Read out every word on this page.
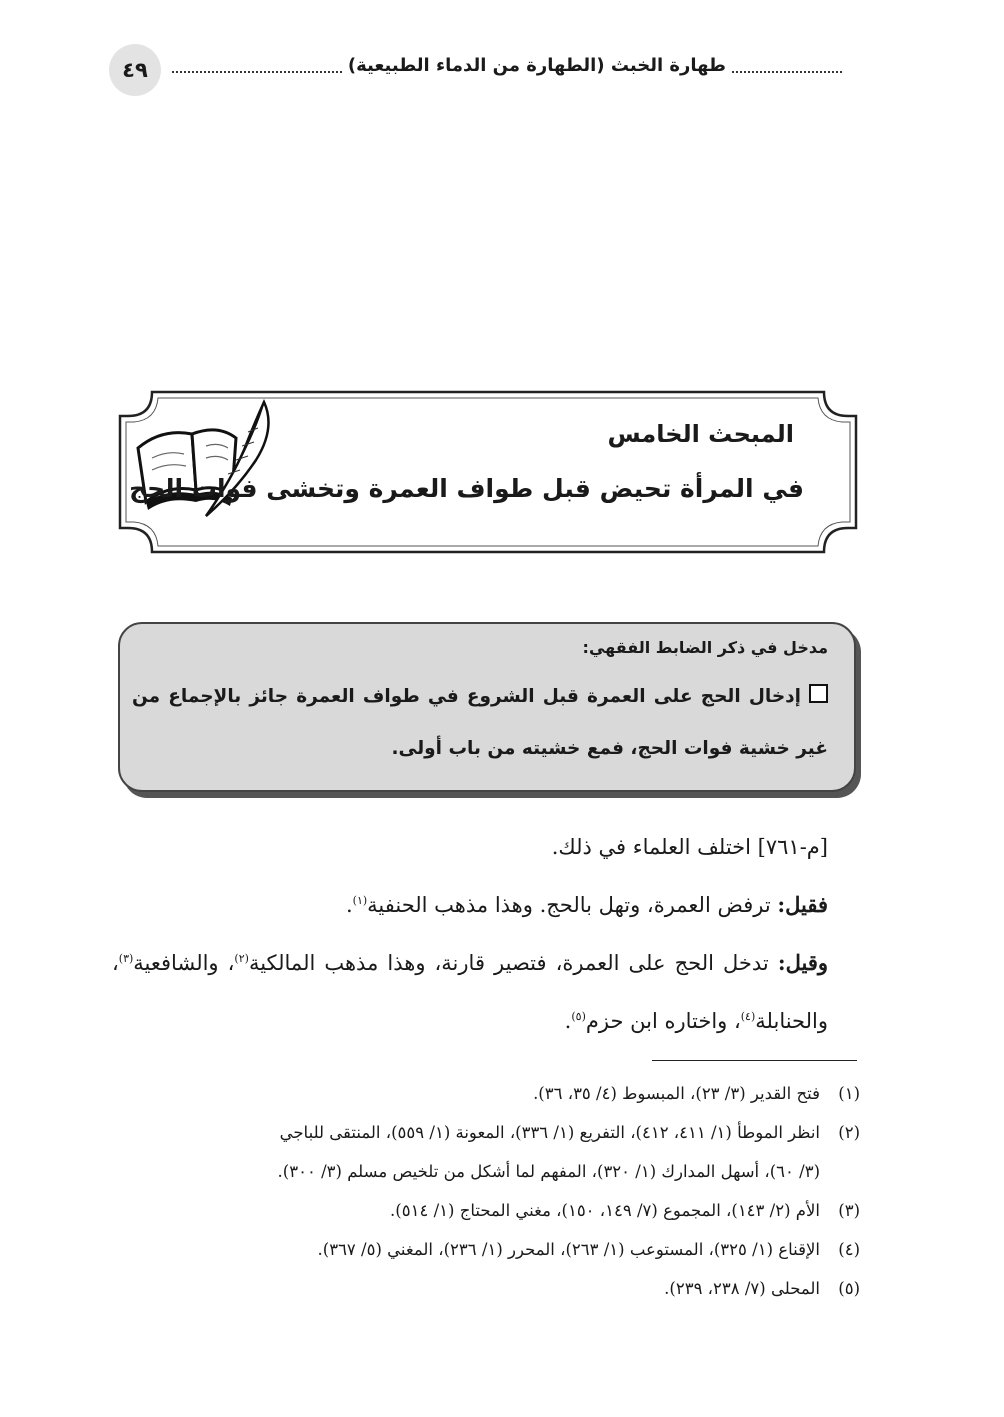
٤٩	طهارة الخبث (الطهارة من الدماء الطبيعية)
المبحث الخامس
في المرأة تحيض قبل طواف العمرة وتخشى فوات الحج

مدخل في ذكر الضابط الفقهي:

إدخال الحج على العمرة قبل الشروع في طواف العمرة جائز بالإجماع من غير خشية فوات الحج، فمع خشيته من باب أولى.

[م-٧٦١] اختلف العلماء في ذلك.

فقيل: ترفض العمرة، وتهل بالحج. وهذا مذهب الحنفية$^{(١)}$.

وقيل: تدخل الحج على العمرة، فتصير قارنة، وهذا مذهب المالكية$^{(٢)}$، والشافعية$^{(٣)}$، والحنابلة$^{(٤)}$، واختاره ابن حزم$^{(٥)}$.

(١)فتح القدير (٣/ ٢٣)، المبسوط (٤/ ٣٥، ٣٦).

(٢)انظر الموطأ (١/ ٤١١، ٤١٢)، التفريع (١/ ٣٣٦)، المعونة (١/ ٥٥٩)، المنتقى للباجي

(٣/ ٦٠)، أسهل المدارك (١/ ٣٢٠)، المفهم لما أشكل من تلخيص مسلم (٣/ ٣٠٠).

(٣)الأم (٢/ ١٤٣)، المجموع (٧/ ١٤٩، ١٥٠)، مغني المحتاج (١/ ٥١٤).

(٤)الإقناع (١/ ٣٢٥)، المستوعب (١/ ٢٦٣)، المحرر (١/ ٢٣٦)، المغني (٥/ ٣٦٧).

(٥)المحلى (٧/ ٢٣٨، ٢٣٩).
